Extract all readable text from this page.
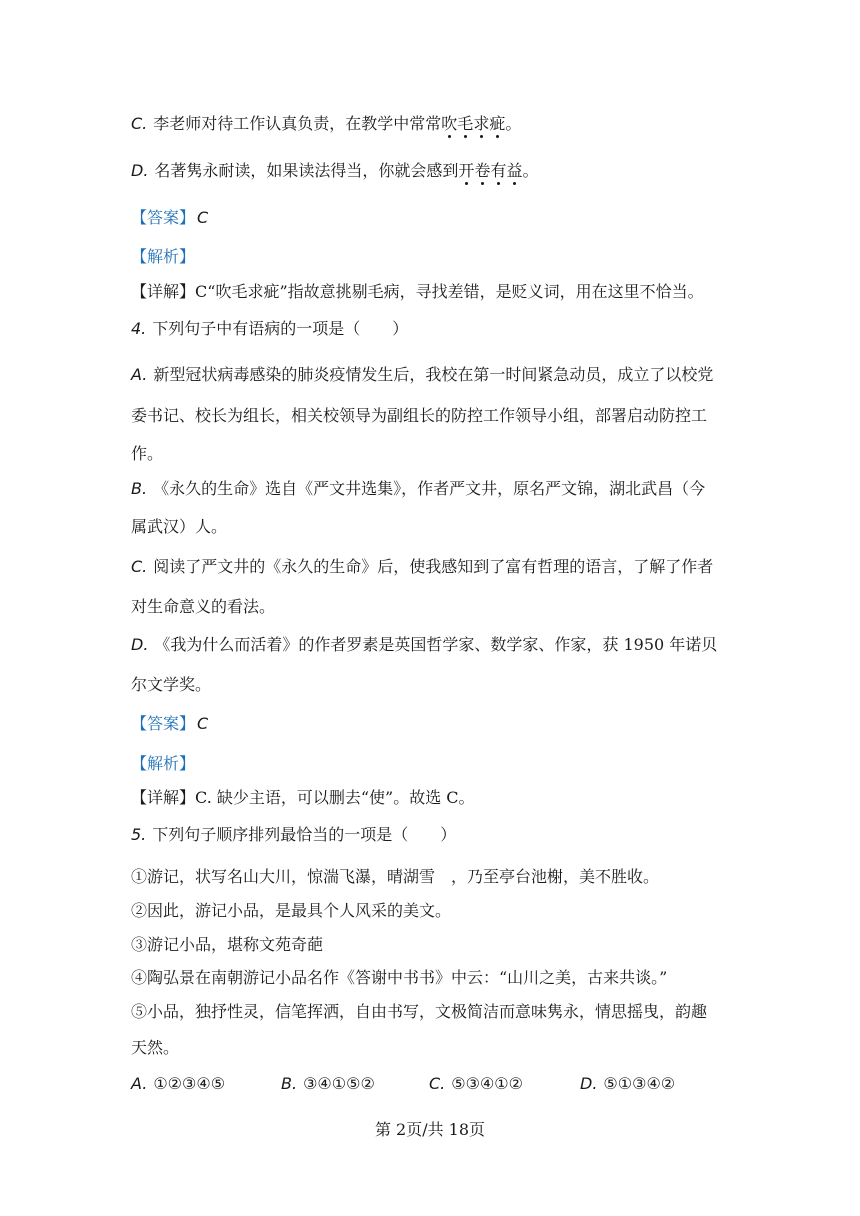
C. 李老师对待工作认真负责，在教学中常常吹毛求疵。
D. 名著隽永耐读，如果读法得当，你就会感到开卷有益。
【答案】 C
【解析】
【详解】C“吹毛求疵”指故意挑剔毛病，寻找差错，是贬义词，用在这里不恰当。
4. 下列句子中有语病的一项是（　　）
A. 新型冠状病毒感染的肺炎疫情发生后，我校在第一时间紧急动员，成立了以校党
委书记、校长为组长，相关校领导为副组长的防控工作领导小组，部署启动防控工
作。
B. 《永久的生命》选自《严文井选集》，作者严文井，原名严文锦，湖北武昌（今
属武汉）人。
C. 阅读了严文井的《永久的生命》后，使我感知到了富有哲理的语言，了解了作者
对生命意义的看法。
D. 《我为什么而活着》的作者罗素是英国哲学家、数学家、作家，获 1950 年诺贝
尔文学奖。
【答案】 C
【解析】
【详解】C. 缺少主语，可以删去“使”。故选 C。
5. 下列句子顺序排列最恰当的一项是（　　）
①游记，状写名山大川，惊湍飞瀑，晴湖雪　，乃至亭台池榭，美不胜收。
②因此，游记小品，是最具个人风采的美文。
③游记小品，堪称文苑奇葩
④陶弘景在南朝游记小品名作《答谢中书书》中云：“山川之美，古来共谈。”
⑤小品，独抒性灵，信笔挥洒，自由书写，文极简洁而意味隽永，情思摇曳，韵趣
天然。
A. ①②③④⑤	B. ③④①⑤②	C. ⑤③④①②	D. ⑤①③④②
第 2页/共 18页
